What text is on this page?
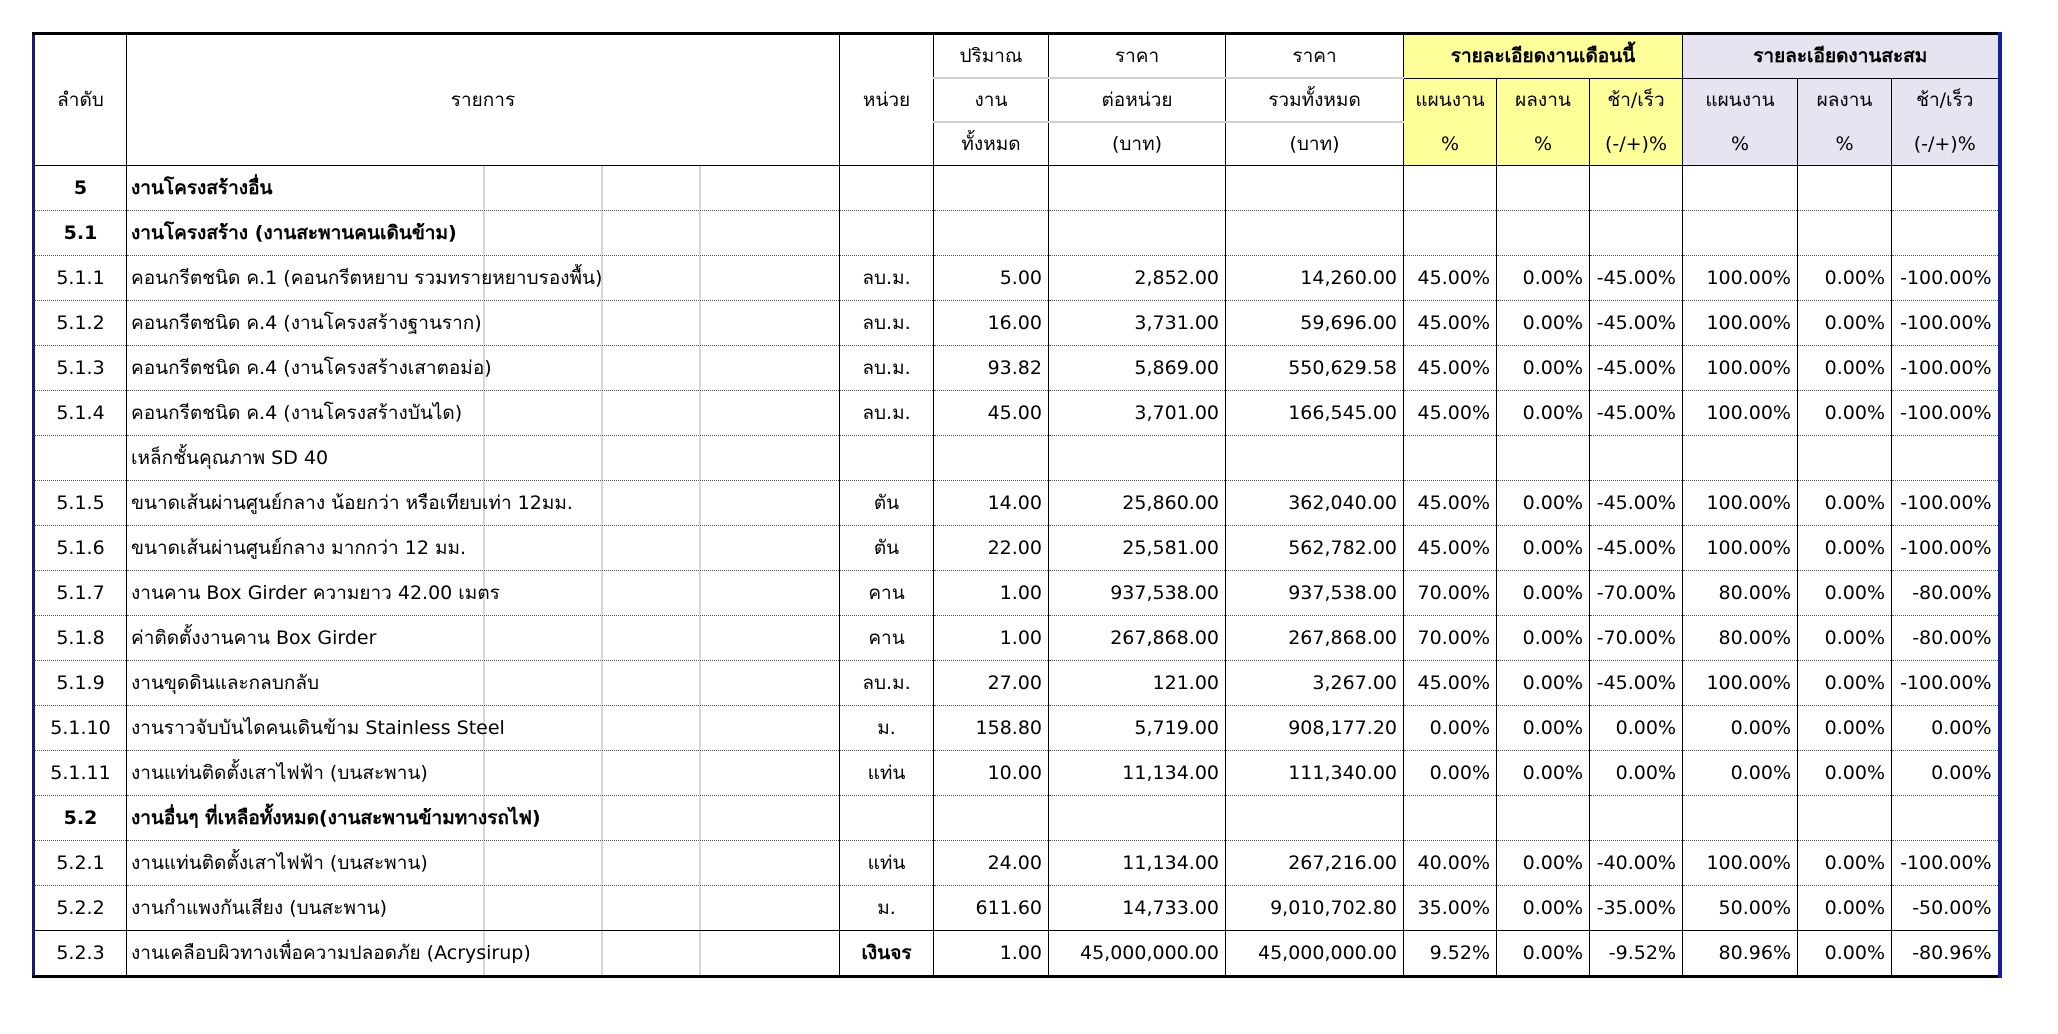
ลำดับ	รายการ	หน่วย	ปริมาณ	ราคา	ราคา	รายละเอียดงานเดือนนี้			รายละเอียดงานสะสม		
			งาน	ต่อหน่วย	รวมทั้งหมด	แผนงาน	ผลงาน	ช้า/เร็ว	แผนงาน	ผลงาน	ช้า/เร็ว
			ทั้งหมด	(บาท)	(บาท)	%	%	(-/+)%	%	%	(-/+)%
5	งานโครงสร้างอื่น										
5.1	งานโครงสร้าง (งานสะพานคนเดินข้าม)										
5.1.1	คอนกรีตชนิด ค.1 (คอนกรีตหยาบ รวมทรายหยาบรองพื้น)	ลบ.ม.	5.00	2,852.00	14,260.00	45.00%	0.00%	-45.00%	100.00%	0.00%	-100.00%
5.1.2	คอนกรีตชนิด ค.4 (งานโครงสร้างฐานราก)	ลบ.ม.	16.00	3,731.00	59,696.00	45.00%	0.00%	-45.00%	100.00%	0.00%	-100.00%
5.1.3	คอนกรีตชนิด ค.4 (งานโครงสร้างเสาตอม่อ)	ลบ.ม.	93.82	5,869.00	550,629.58	45.00%	0.00%	-45.00%	100.00%	0.00%	-100.00%
5.1.4	คอนกรีตชนิด ค.4 (งานโครงสร้างบันได)	ลบ.ม.	45.00	3,701.00	166,545.00	45.00%	0.00%	-45.00%	100.00%	0.00%	-100.00%

เหล็กชั้นคุณภาพ SD 40										
5.1.5	ขนาดเส้นผ่านศูนย์กลาง น้อยกว่า หรือเทียบเท่า 12มม.	ตัน	14.00	25,860.00	362,040.00	45.00%	0.00%	-45.00%	100.00%	0.00%	-100.00%
5.1.6	ขนาดเส้นผ่านศูนย์กลาง มากกว่า 12 มม.	ตัน	22.00	25,581.00	562,782.00	45.00%	0.00%	-45.00%	100.00%	0.00%	-100.00%
5.1.7	งานคาน Box Girder ความยาว 42.00 เมตร	คาน	1.00	937,538.00	937,538.00	70.00%	0.00%	-70.00%	80.00%	0.00%	-80.00%
5.1.8	ค่าติดตั้งงานคาน Box Girder	คาน	1.00	267,868.00	267,868.00	70.00%	0.00%	-70.00%	80.00%	0.00%	-80.00%
5.1.9	งานขุดดินและกลบกลับ	ลบ.ม.	27.00	121.00	3,267.00	45.00%	0.00%	-45.00%	100.00%	0.00%	-100.00%
5.1.10	งานราวจับบันไดคนเดินข้าม Stainless Steel	ม.	158.80	5,719.00	908,177.20	0.00%	0.00%	0.00%	0.00%	0.00%	0.00%
5.1.11	งานแท่นติดตั้งเสาไฟฟ้า (บนสะพาน)	แท่น	10.00	11,134.00	111,340.00	0.00%	0.00%	0.00%	0.00%	0.00%	0.00%
5.2	งานอื่นๆ ที่เหลือทั้งหมด(งานสะพานข้ามทางรถไฟ)										
5.2.1	งานแท่นติดตั้งเสาไฟฟ้า (บนสะพาน)	แท่น	24.00	11,134.00	267,216.00	40.00%	0.00%	-40.00%	100.00%	0.00%	-100.00%
5.2.2	งานกำแพงกันเสียง (บนสะพาน)	ม.	611.60	14,733.00	9,010,702.80	35.00%	0.00%	-35.00%	50.00%	0.00%	-50.00%
5.2.3	งานเคลือบผิวทางเพื่อความปลอดภัย (Acrysirup)	เงินจร	1.00	45,000,000.00	45,000,000.00	9.52%	0.00%	-9.52%	80.96%	0.00%	-80.96%
